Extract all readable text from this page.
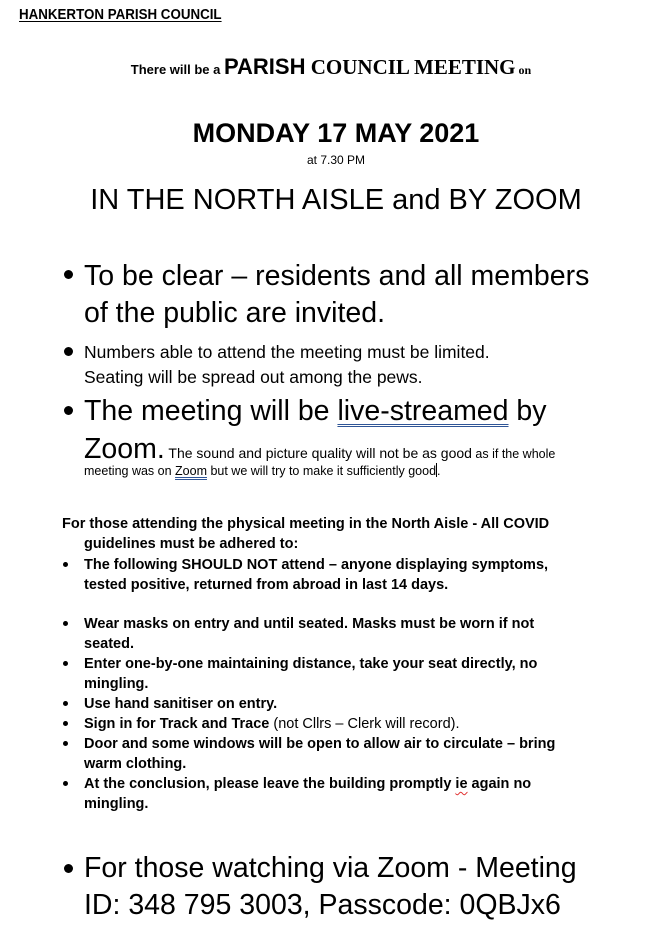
HANKERTON PARISH COUNCIL
There will be a PARISH COUNCIL MEETING on
MONDAY 17 MAY 2021
at 7.30 PM
IN THE NORTH AISLE and BY ZOOM
To be clear – residents and all members
of the public are invited.
Numbers able to attend the meeting must be limited.
Seating will be spread out among the pews.
The meeting will be live-streamed by
Zoom. The sound and picture quality will not be as good as if the whole
meeting was on Zoom but we will try to make it sufficiently good.
For those attending the physical meeting in the North Aisle - All COVID
guidelines must be adhered to:
The following SHOULD NOT attend – anyone displaying symptoms,
tested positive, returned from abroad in last 14 days.
Wear masks on entry and until seated. Masks must be worn if not
seated.
Enter one-by-one maintaining distance, take your seat directly, no
mingling.
Use hand sanitiser on entry.
Sign in for Track and Trace (not Cllrs – Clerk will record).
Door and some windows will be open to allow air to circulate – bring
warm clothing.
At the conclusion, please leave the building promptly ie again no
mingling.
For those watching via Zoom - Meeting
ID: 348 795 3003, Passcode: 0QBJx6
